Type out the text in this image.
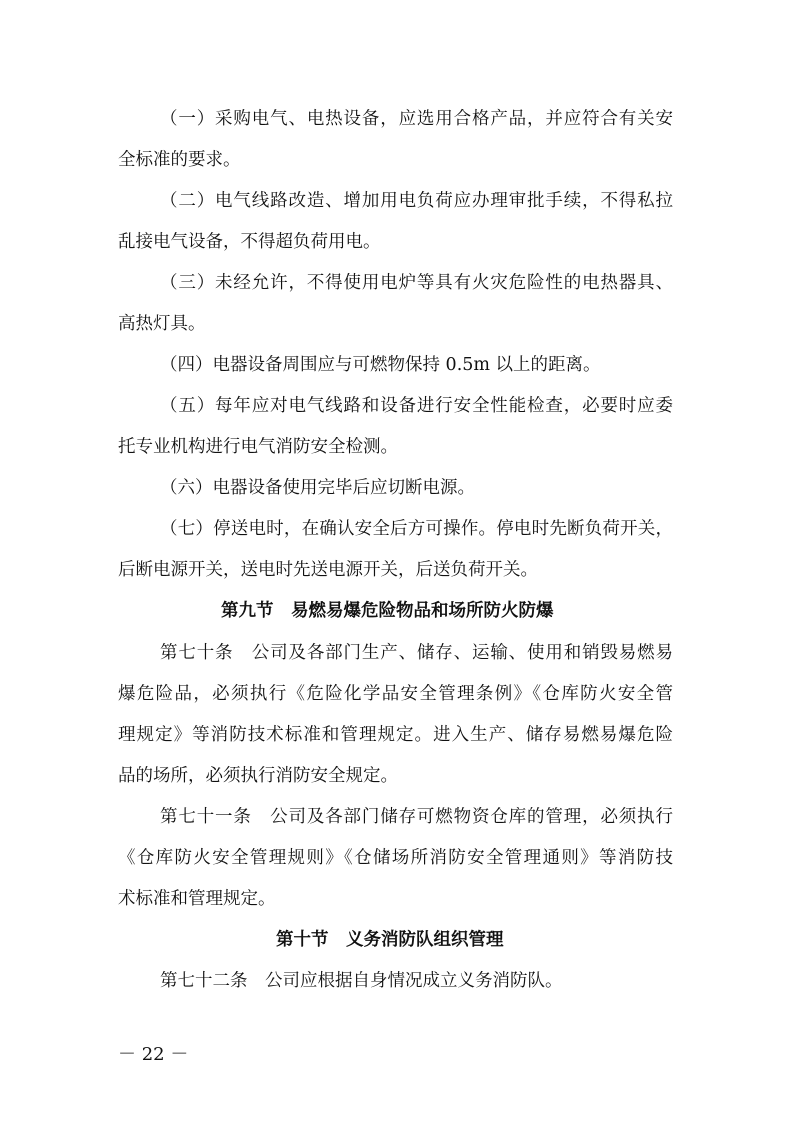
（一）采购电气、电热设备，应选用合格产品，并应符合有关安
全标准的要求。
（二）电气线路改造、增加用电负荷应办理审批手续，不得私拉
乱接电气设备，不得超负荷用电。
（三）未经允许，不得使用电炉等具有火灾危险性的电热器具、
高热灯具。
（四）电器设备周围应与可燃物保持 0.5m 以上的距离。
（五）每年应对电气线路和设备进行安全性能检查，必要时应委
托专业机构进行电气消防安全检测。
（六）电器设备使用完毕后应切断电源。
（七）停送电时，在确认安全后方可操作。停电时先断负荷开关，
后断电源开关，送电时先送电源开关，后送负荷开关。
第九节　易燃易爆危险物品和场所防火防爆
第七十条　公司及各部门生产、储存、运输、使用和销毁易燃易
爆危险品，必须执行《危险化学品安全管理条例》《仓库防火安全管
理规定》等消防技术标准和管理规定。进入生产、储存易燃易爆危险
品的场所，必须执行消防安全规定。
第七十一条　公司及各部门储存可燃物资仓库的管理，必须执行
《仓库防火安全管理规则》《仓储场所消防安全管理通则》等消防技
术标准和管理规定。
第十节　义务消防队组织管理
第七十二条　公司应根据自身情况成立义务消防队。
－ 22 －
